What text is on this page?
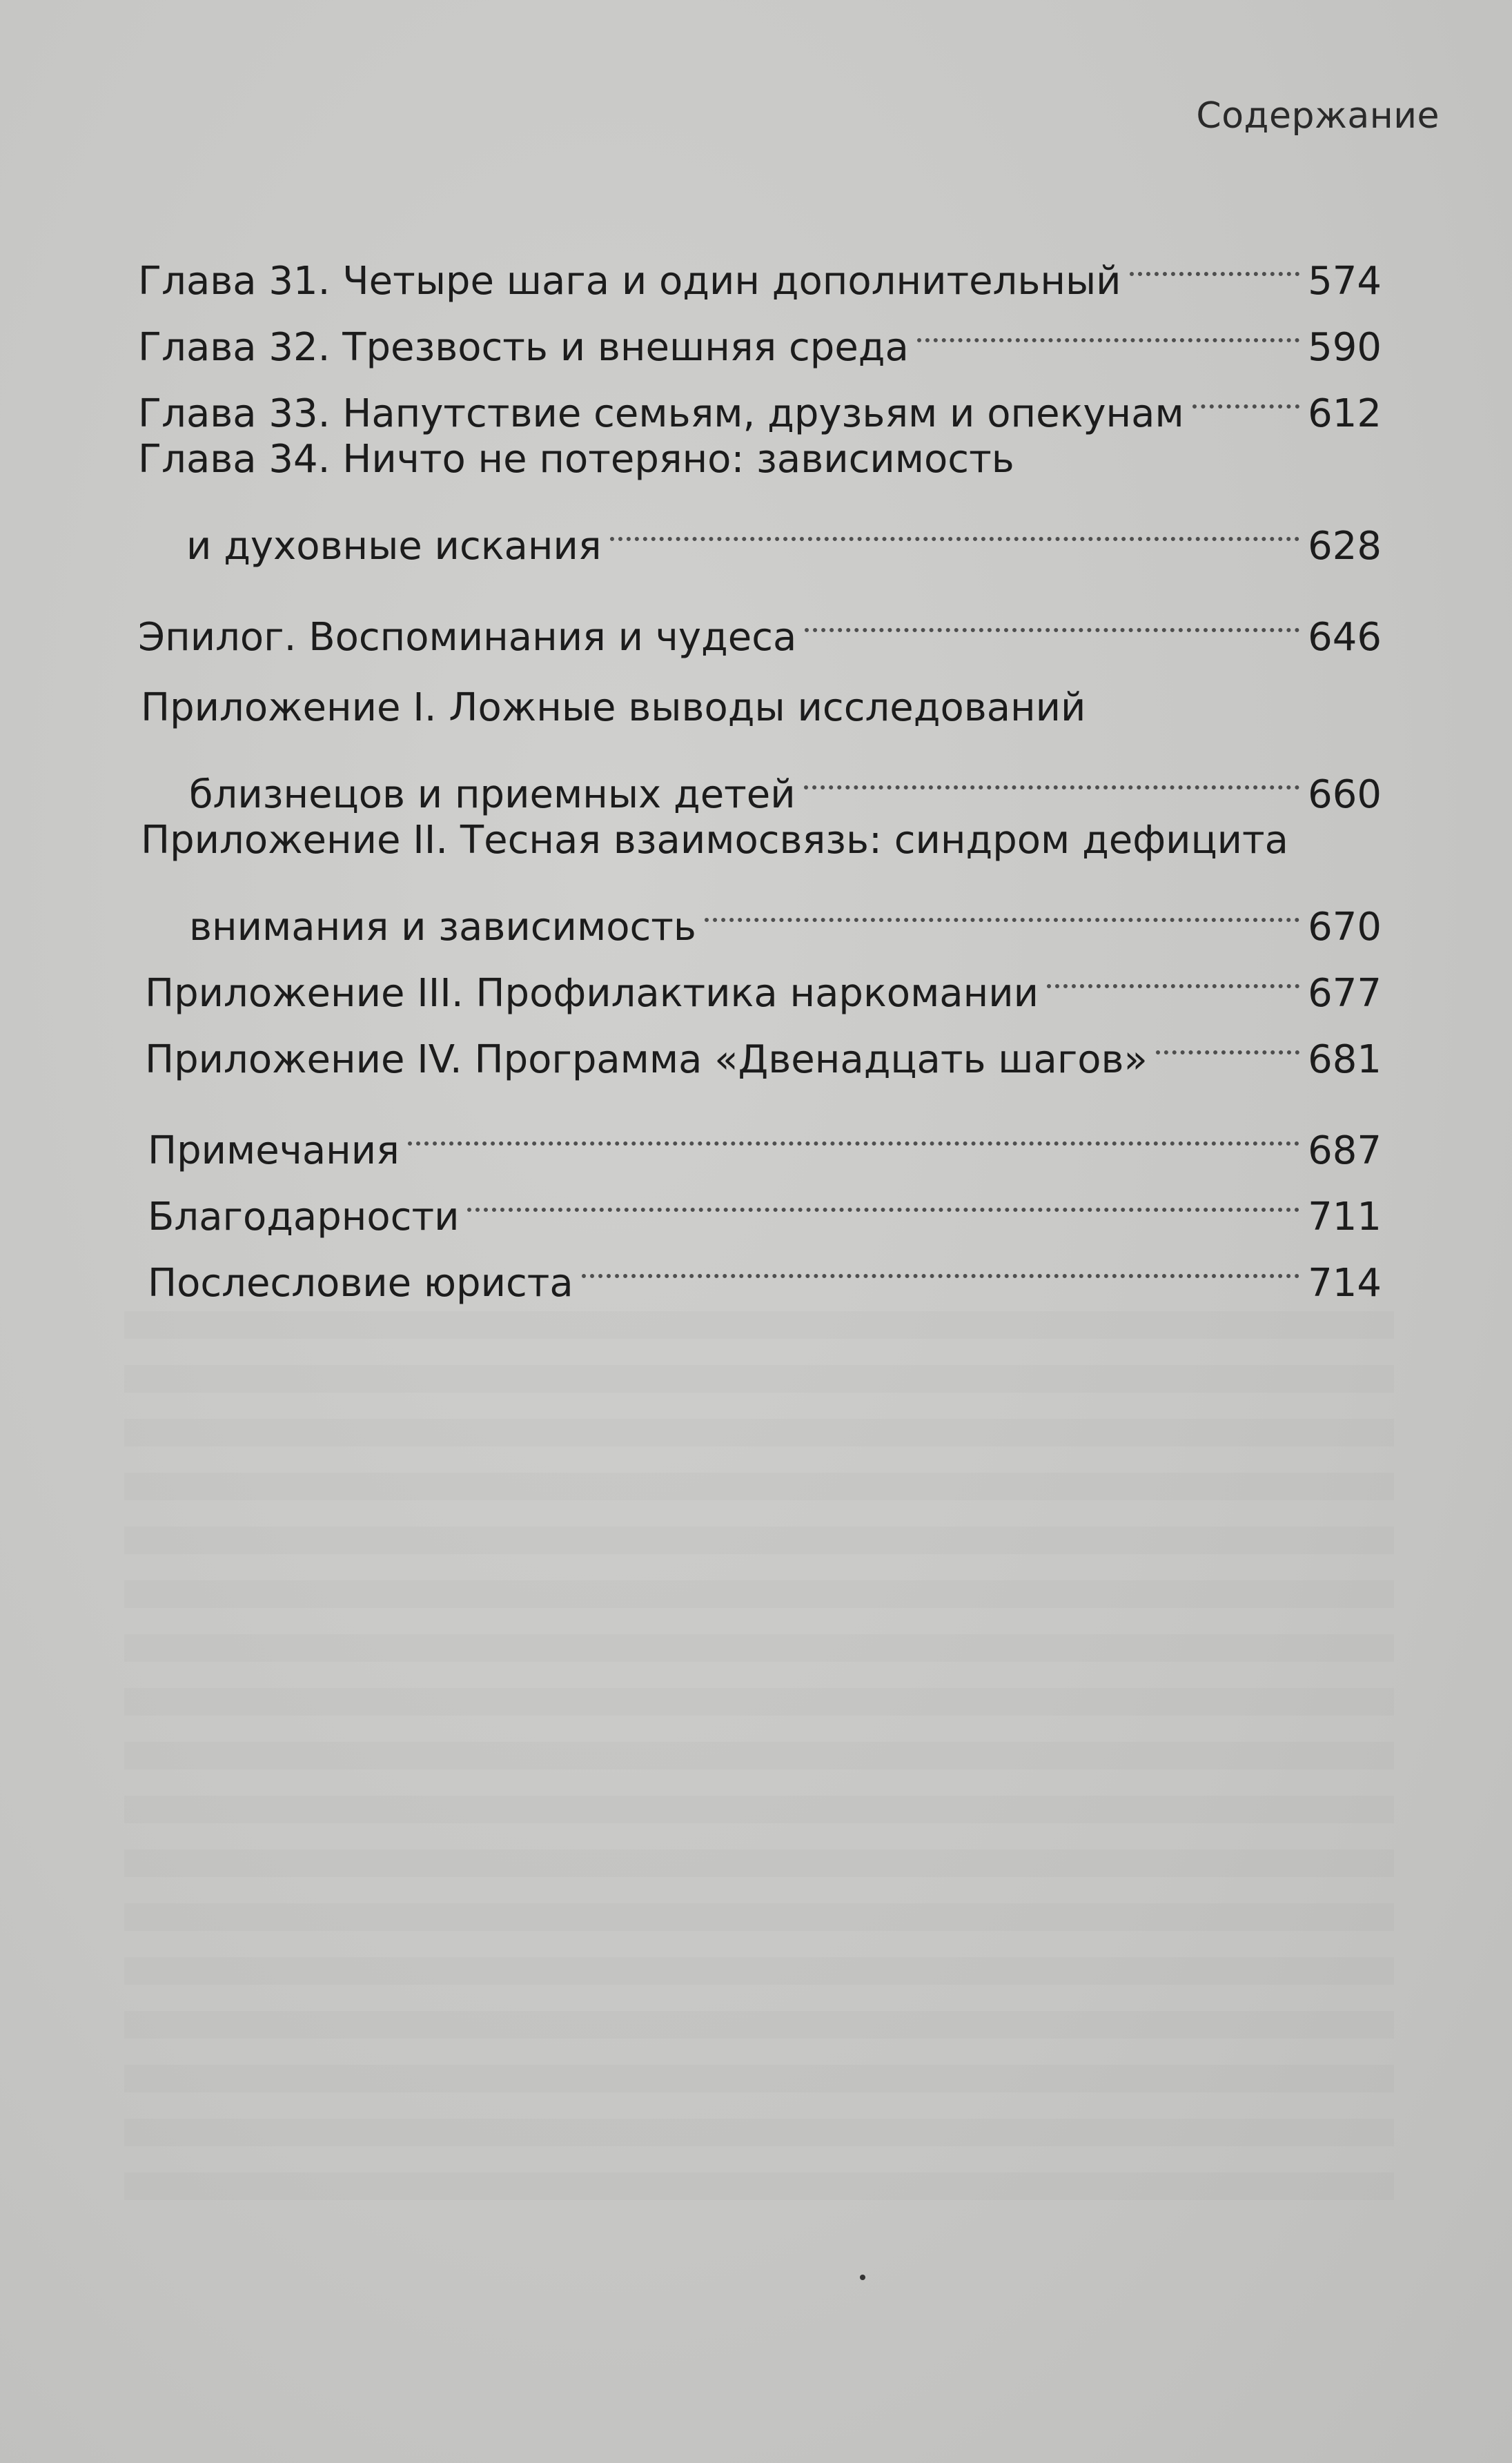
Содержание
Глава 31. Четыре шага и один дополнительный	574
Глава 32. Трезвость и внешняя среда	590
Глава 33. Напутствие семьям, друзьям и опекунам	612
Глава 34. Ничто не потеряно: зависимость
и духовные искания	628
Эпилог. Воспоминания и чудеса	646
Приложение I. Ложные выводы исследований
близнецов и приемных детей	660
Приложение II. Тесная взаимосвязь: синдром дефицита
внимания и зависимость	670
Приложение III. Профилактика наркомании	677
Приложение IV. Программа «Двенадцать шагов»	681
Примечания	687
Благодарности	711
Послесловие юриста	714
